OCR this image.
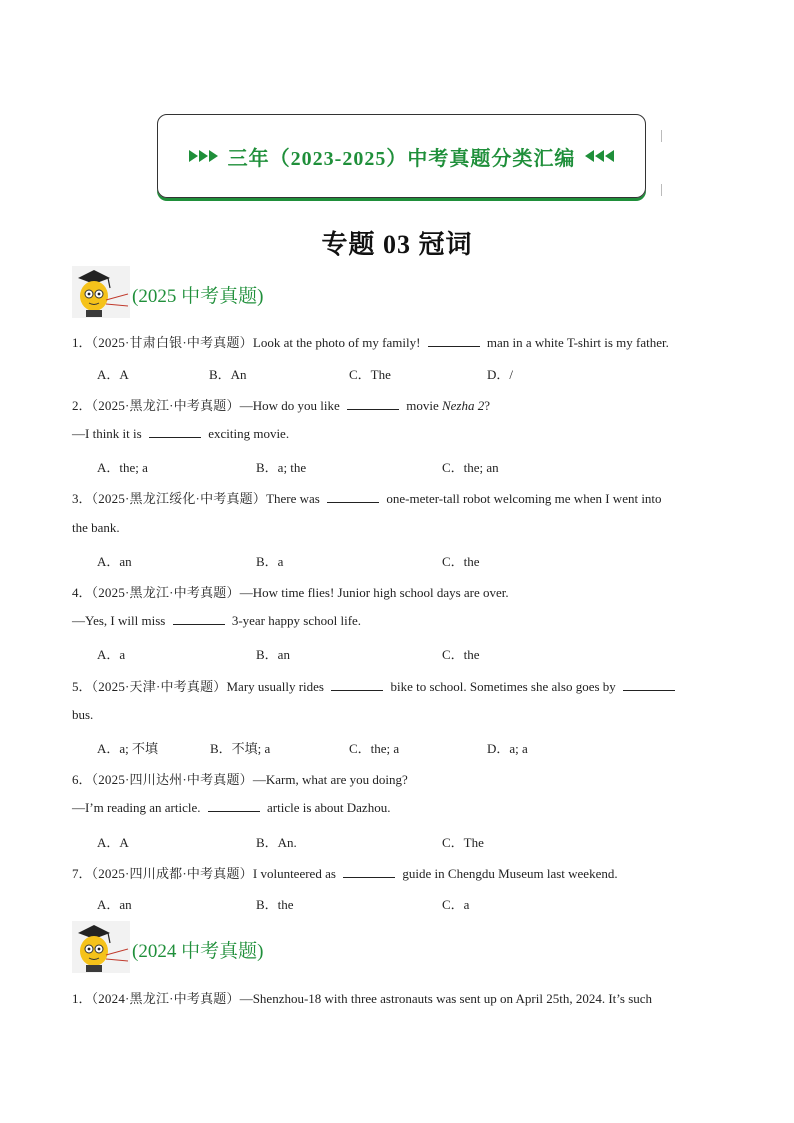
三年（2023-2025）中考真题分类汇编
专题 03 冠词
(2025 中考真题)
1．（2025·甘肃白银·中考真题）Look at the photo of my family!	man in a white T-shirt is my father.
A．A	B．An	C．The	D．/
2．（2025·黑龙江·中考真题）—How do you like	movie Nezha 2?
—I think it is	exciting movie.
A．the; a	B．a; the	C．the; an
3．（2025·黑龙江绥化·中考真题）There was	one-meter-tall robot welcoming me when I went into
the bank.
A．an	B．a	C．the
4．（2025·黑龙江·中考真题）—How time flies! Junior high school days are over.
—Yes, I will miss	3-year happy school life.
A．a	B．an	C．the
5．（2025·天津·中考真题）Mary usually rides	bike to school. Sometimes she also goes by
bus.
A．a; 不填	B．不填; a	C．the; a	D．a; a
6．（2025·四川达州·中考真题）—Karm, what are you doing?
—I’m reading an article.	article is about Dazhou.
A．A	B．An.	C．The
7．（2025·四川成都·中考真题）I volunteered as	guide in Chengdu Museum last weekend.
A．an	B．the	C．a
(2024 中考真题)
1．（2024·黑龙江·中考真题）—Shenzhou-18 with three astronauts was sent up on April 25th, 2024. It’s such
